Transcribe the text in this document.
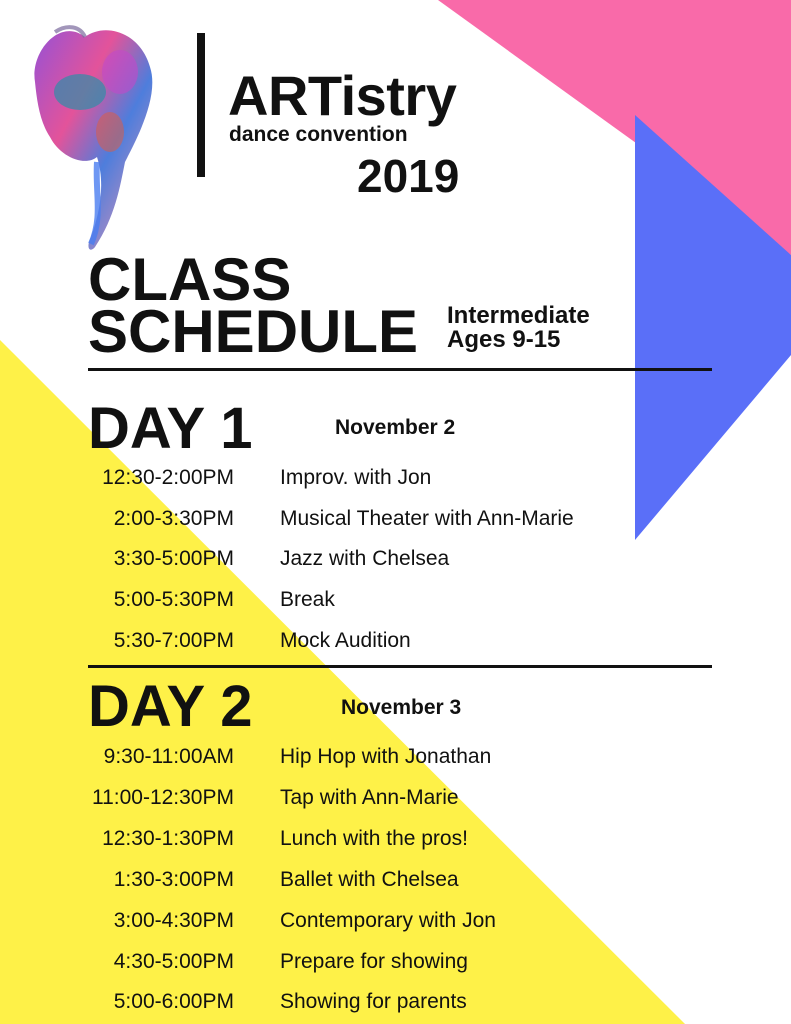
ARTistry
dance convention
2019
CLASS
SCHEDULE Intermediate
Ages 9-15
DAY 1	November 2
12:30-2:00PM Improv. with Jon
2:00-3:30PM Musical Theater with Ann-Marie
3:30-5:00PM Jazz with Chelsea
5:00-5:30PM Break
5:30-7:00PM Mock Audition
DAY 2	November 3
9:30-11:00AM Hip Hop with Jonathan
11:00-12:30PM Tap with Ann-Marie
12:30-1:30PM Lunch with the pros!
1:30-3:00PM Ballet with Chelsea
3:00-4:30PM Contemporary with Jon
4:30-5:00PM Prepare for showing
5:00-6:00PM Showing for parents
